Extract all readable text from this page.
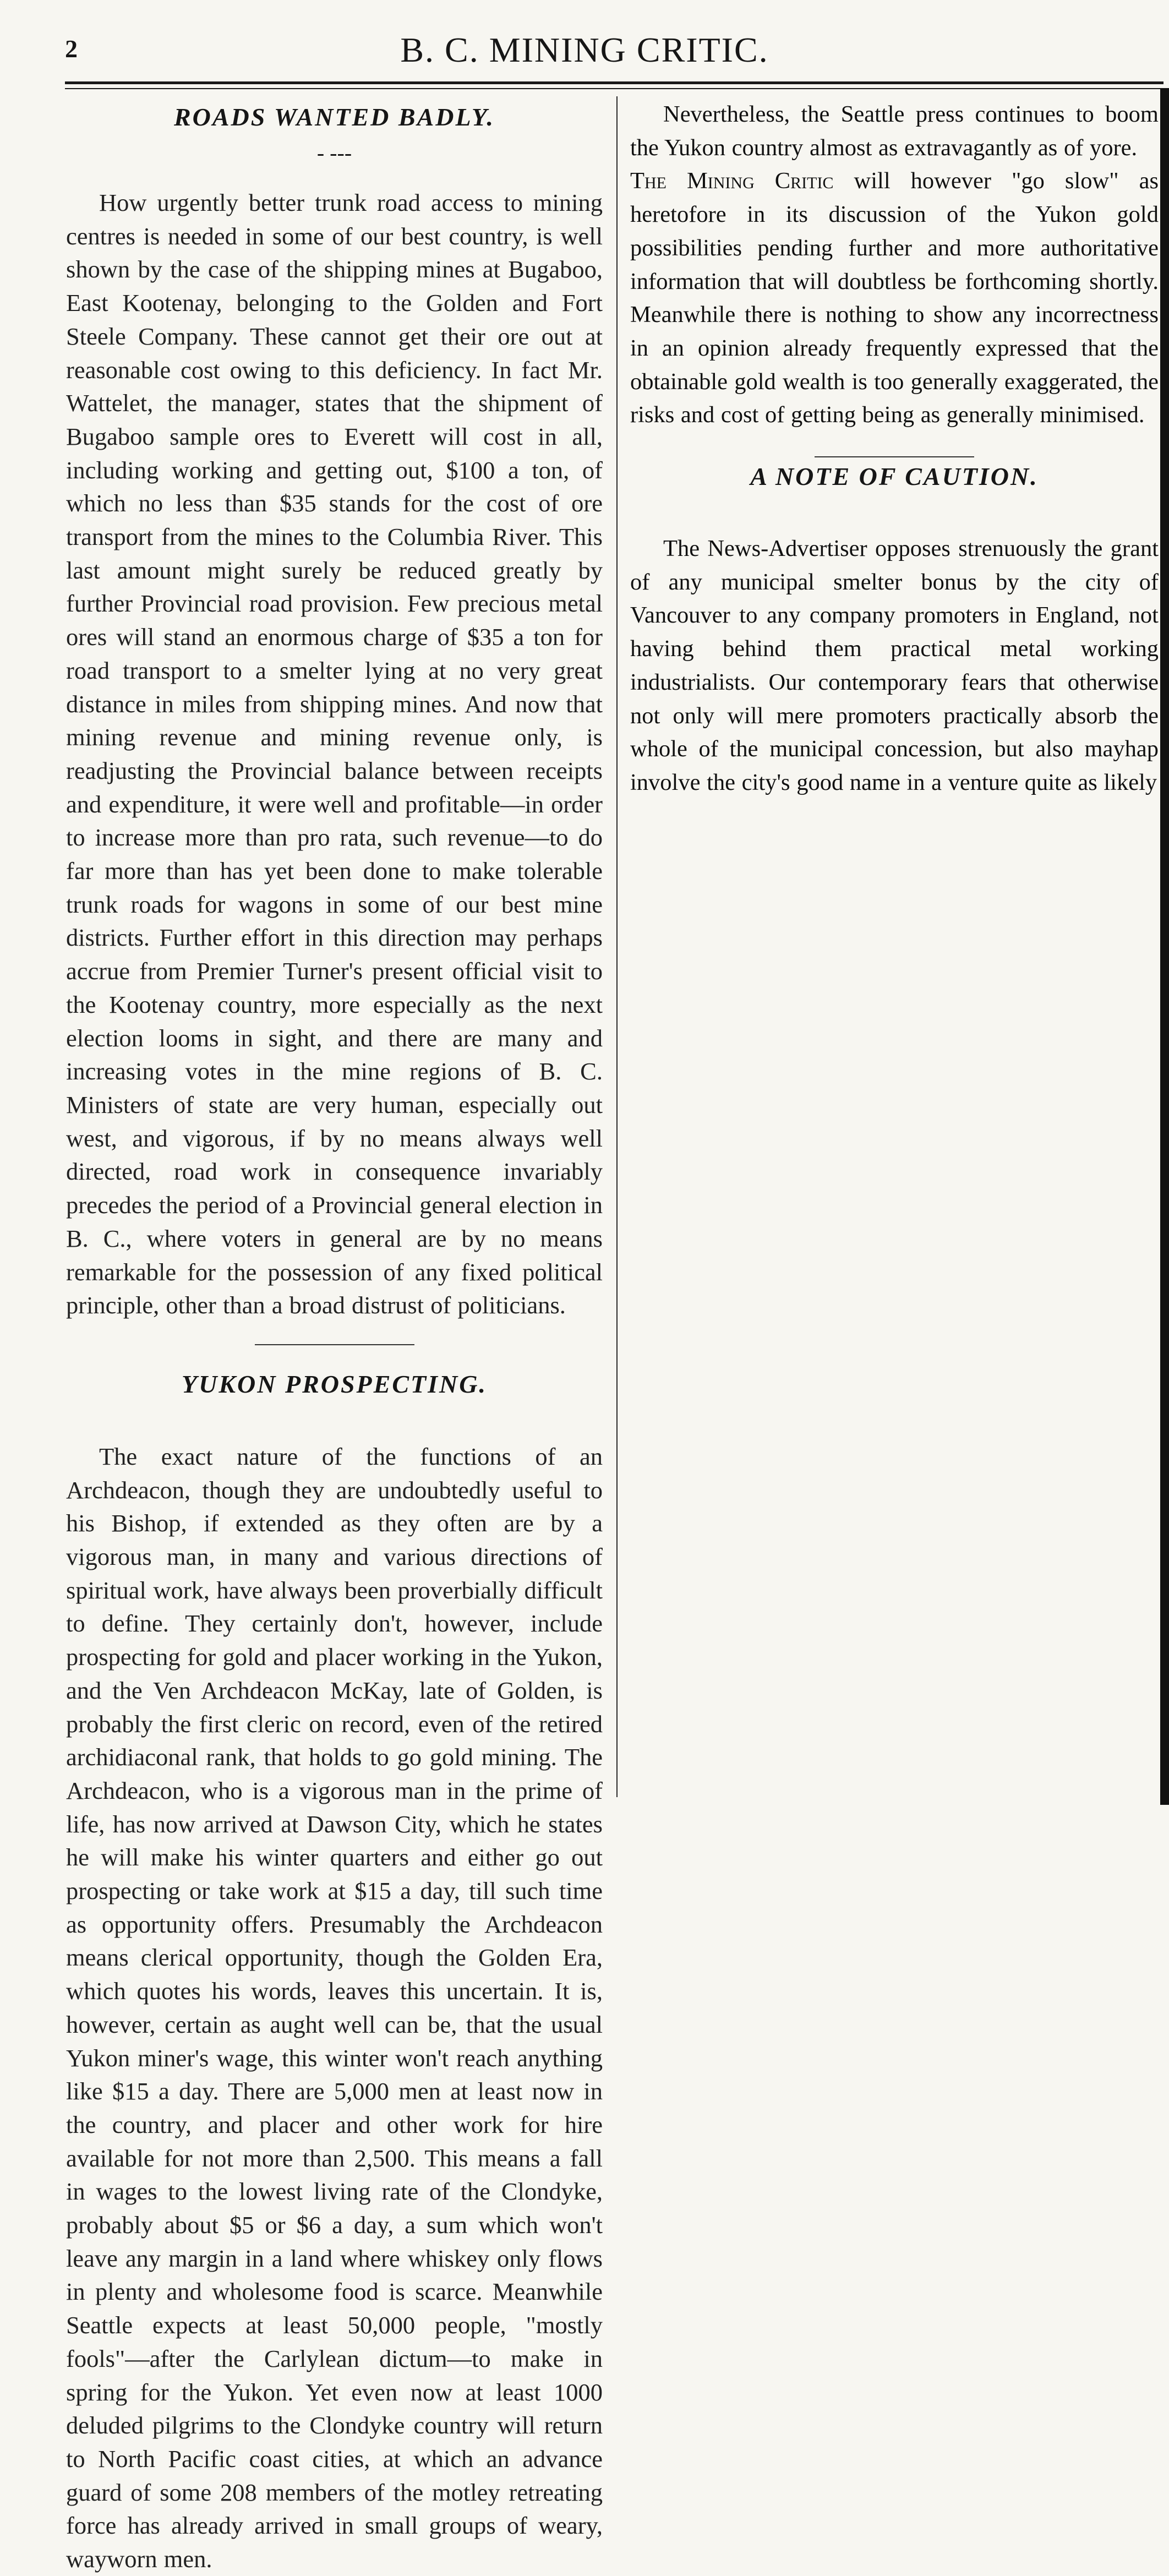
2	B. C. MINING CRITIC.
ROADS WANTED BADLY.

- ---

How urgently better trunk road access to mining centres is needed in some of our best country, is well shown by the case of the shipping mines at Bugaboo, East Kootenay, belonging to the Golden and Fort Steele Company. These cannot get their ore out at reasonable cost owing to this deficiency. In fact Mr. Wattelet, the manager, states that the shipment of Bugaboo sample ores to Everett will cost in all, including working and getting out, $100 a ton, of which no less than $35 stands for the cost of ore transport from the mines to the Columbia River. This last amount might surely be reduced greatly by further Provincial road provision. Few precious metal ores will stand an enormous charge of $35 a ton for road transport to a smelter lying at no very great distance in miles from shipping mines. And now that mining revenue and mining revenue only, is readjusting the Provincial balance between receipts and expenditure, it were well and profitable—in order to increase more than pro rata, such revenue—to do far more than has yet been done to make tolerable trunk roads for wagons in some of our best mine districts. Further effort in this direction may perhaps accrue from Premier Turner's present official visit to the Kootenay country, more especially as the next election looms in sight, and there are many and increasing votes in the mine regions of B. C. Ministers of state are very human, especially out west, and vigorous, if by no means always well directed, road work in consequence invariably precedes the period of a Provincial general election in B. C., where voters in general are by no means remarkable for the possession of any fixed political principle, other than a broad distrust of politicians.

YUKON PROSPECTING.

The exact nature of the functions of an Archdeacon, though they are undoubtedly useful to his Bishop, if extended as they often are by a vigorous man, in many and various directions of spiritual work, have always been proverbially difficult to define. They certainly don't, however, include prospecting for gold and placer working in the Yukon, and the Ven Archdeacon McKay, late of Golden, is probably the first cleric on record, even of the retired archidiaconal rank, that holds to go gold mining. The Archdeacon, who is a vigorous man in the prime of life, has now arrived at Dawson City, which he states he will make his winter quarters and either go out prospecting or take work at $15 a day, till such time as opportunity offers. Presumably the Archdeacon means clerical opportunity, though the Golden Era, which quotes his words, leaves this uncertain. It is, however, certain as aught well can be, that the usual Yukon miner's wage, this winter won't reach anything like $15 a day. There are 5,000 men at least now in the country, and placer and other work for hire available for not more than 2,500. This means a fall in wages to the lowest living rate of the Clondyke, probably about $5 or $6 a day, a sum which won't leave any margin in a land where whiskey only flows in plenty and wholesome food is scarce. Meanwhile Seattle expects at least 50,000 people, "mostly fools"—after the Carlylean dictum—to make in spring for the Yukon. Yet even now at least 1000 deluded pilgrims to the Clondyke country will return to North Pacific coast cities, at which an advance guard of some 208 members of the motley retreating force has already arrived in small groups of weary, wayworn men.

Nevertheless, the Seattle press continues to boom the Yukon country almost as extravagantly as of yore.

The Mining Critic will however "go slow" as heretofore in its discussion of the Yukon gold possibilities pending further and more authoritative information that will doubtless be forthcoming shortly. Meanwhile there is nothing to show any incorrectness in an opinion already frequently expressed that the obtainable gold wealth is too generally exaggerated, the risks and cost of getting being as generally minimised.

A NOTE OF CAUTION.

The News-Advertiser opposes strenuously the grant of any municipal smelter bonus by the city of Vancouver to any company promoters in England, not having behind them practical metal working industrialists. Our contemporary fears that otherwise not only will mere promoters practically absorb the whole of the municipal concession, but also mayhap involve the city's good name in a venture quite as likely
